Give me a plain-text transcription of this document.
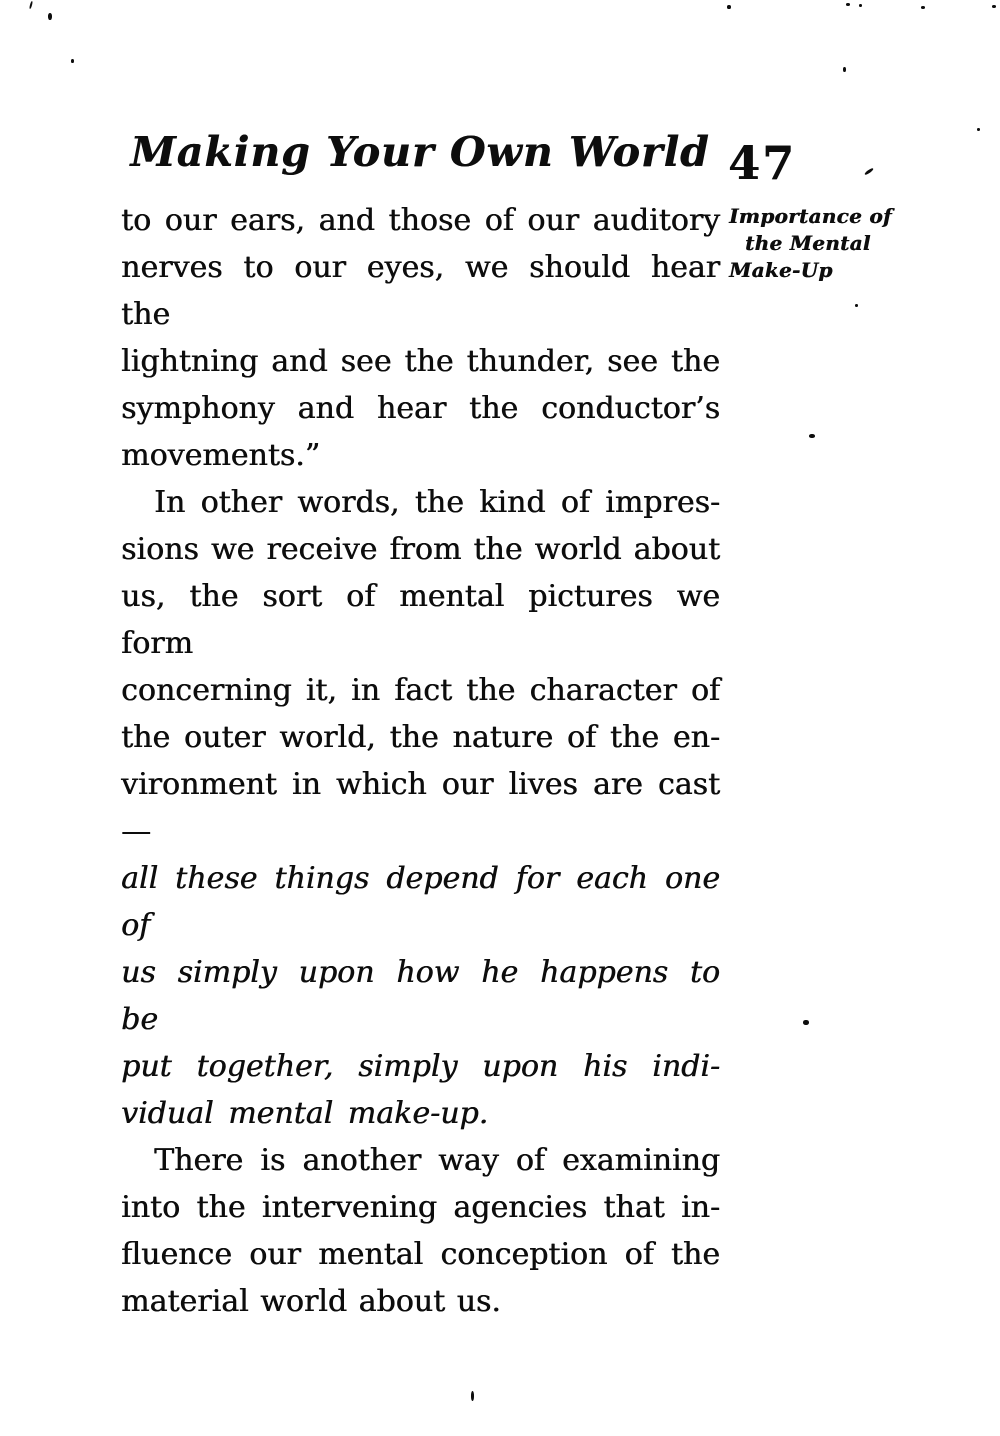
Making Your Own World 47
Importance of
the Mental
Make-Up
to our ears, and those of our auditory
nerves to our eyes, we should hear the
lightning and see the thunder, see the
symphony and hear the conductor’s
movements.”
In other words, the kind of impres-
sions we receive from the world about
us, the sort of mental pictures we form
concerning it, in fact the character of
the outer world, the nature of the en-
vironment in which our lives are cast —
all these things depend for each one of
us simply upon how he happens to be
put together, simply upon his indi-
vidual mental make-up.
There is another way of examining
into the intervening agencies that in-
fluence our mental conception of the
material world about us.
